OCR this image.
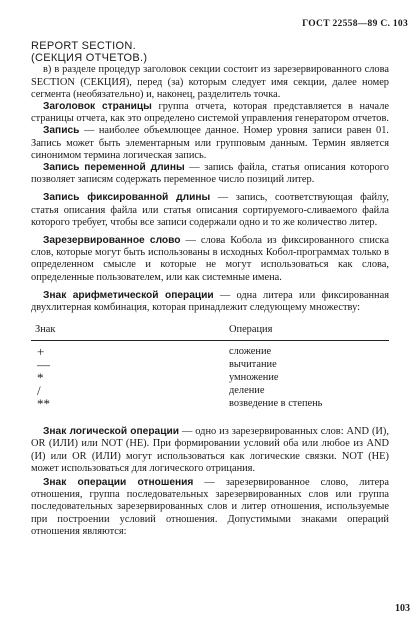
ГОСТ 22558—89 С. 103

REPORT SECTION.

(СЕКЦИЯ ОТЧЕТОВ.)

в) в разделе процедур заголовок секции состоит из зарезервированного слова SECTION (СЕКЦИЯ), перед (за) которым следует имя секции, далее номер сегмента (необязательно) и, наконец, разделитель точка.

Заголовок страницы группа отчета, которая представляется в начале страницы отчета, как это определено системой управления генератором отчетов.

Запись — наиболее объемлющее данное. Номер уровня записи равен 01. Запись может быть элементарным или групповым данным. Термин является синонимом термина логическая запись.

Запись переменной длины — запись файла, статья описания которого позволяет записям содержать переменное число позиций литер.

Запись фиксированной длины — запись, соответствующая файлу, статья описания файла или статья описания сортируемого-сливаемого файла которого требует, чтобы все записи содержали одно и то же количество литер.

Зарезервированное слово — слова Кобола из фиксированного списка слов, которые могут быть использованы в исходных Кобол-программах только в определенном смысле и которые не могут использоваться как слова, определенные пользователем, или как системные имена.

Знак арифметической операции — одна литера или фиксированная двухлитерная комбинация, которая принадлежит следующему множеству:

Знак	Операция
+	сложение
—	вычитание
*	умножение
/	деление
**	возведение в степень

Знак логической операции — одно из зарезервированных слов: AND (И), OR (ИЛИ) или NOT (НЕ). При формировании условий оба или любое из AND (И) или OR (ИЛИ) могут использоваться как логические связки. NOT (НЕ) может использоваться для логического отрицания.

Знак операции отношения — зарезервированное слово, литера отношения, группа последовательных зарезервированных слов или группа последовательных зарезервированных слов и литер отношения, используемые при построении условий отношения. Допустимыми знаками операций отношения являются:

103
